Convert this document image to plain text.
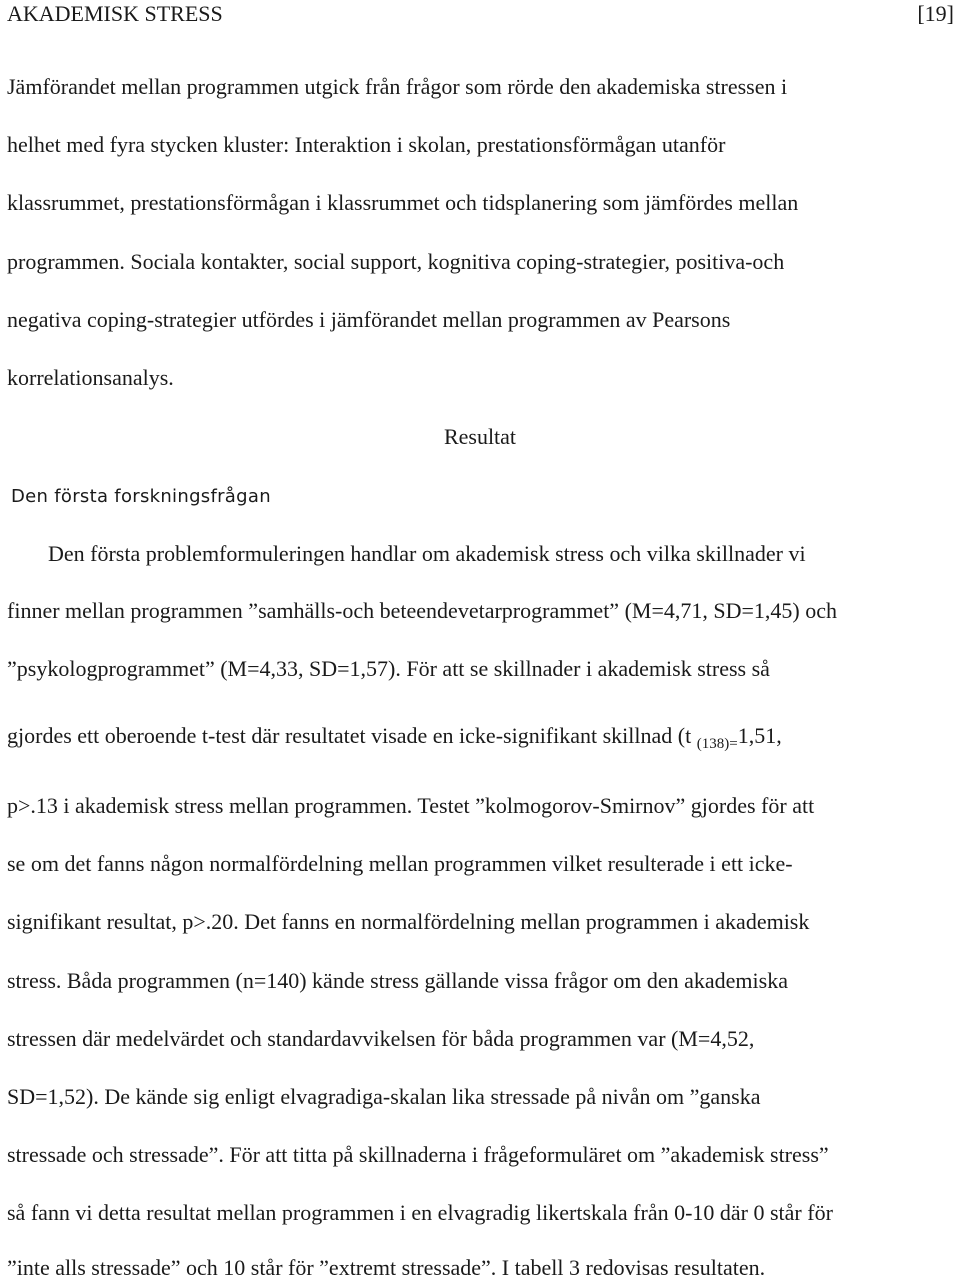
AKADEMISK STRESS	[19]
Jämförandet mellan programmen utgick från frågor som rörde den akademiska stressen i
helhet med fyra stycken kluster: Interaktion i skolan, prestationsförmågan utanför
klassrummet, prestationsförmågan i klassrummet och tidsplanering som jämfördes mellan
programmen. Sociala kontakter, social support, kognitiva coping-strategier, positiva-och
negativa coping-strategier utfördes i jämförandet mellan programmen av Pearsons
korrelationsanalys.
Resultat
Den första forskningsfrågan
Den första problemformuleringen handlar om akademisk stress och vilka skillnader vi
finner mellan programmen ”samhälls-och beteendevetarprogrammet” (M=4,71, SD=1,45) och
”psykologprogrammet” (M=4,33, SD=1,57). För att se skillnader i akademisk stress så
gjordes ett oberoende t-test där resultatet visade en icke-signifikant skillnad (t $_{(138)=}$1,51,
p>.13 i akademisk stress mellan programmen. Testet ”kolmogorov-Smirnov” gjordes för att
se om det fanns någon normalfördelning mellan programmen vilket resulterade i ett icke-
signifikant resultat, p>.20. Det fanns en normalfördelning mellan programmen i akademisk
stress. Båda programmen (n=140) kände stress gällande vissa frågor om den akademiska
stressen där medelvärdet och standardavvikelsen för båda programmen var (M=4,52,
SD=1,52). De kände sig enligt elvagradiga-skalan lika stressade på nivån om ”ganska
stressade och stressade”. För att titta på skillnaderna i frågeformuläret om ”akademisk stress”
så fann vi detta resultat mellan programmen i en elvagradig likertskala från 0-10 där 0 står för
”inte alls stressade” och 10 står för ”extremt stressade”. I tabell 3 redovisas resultaten.
